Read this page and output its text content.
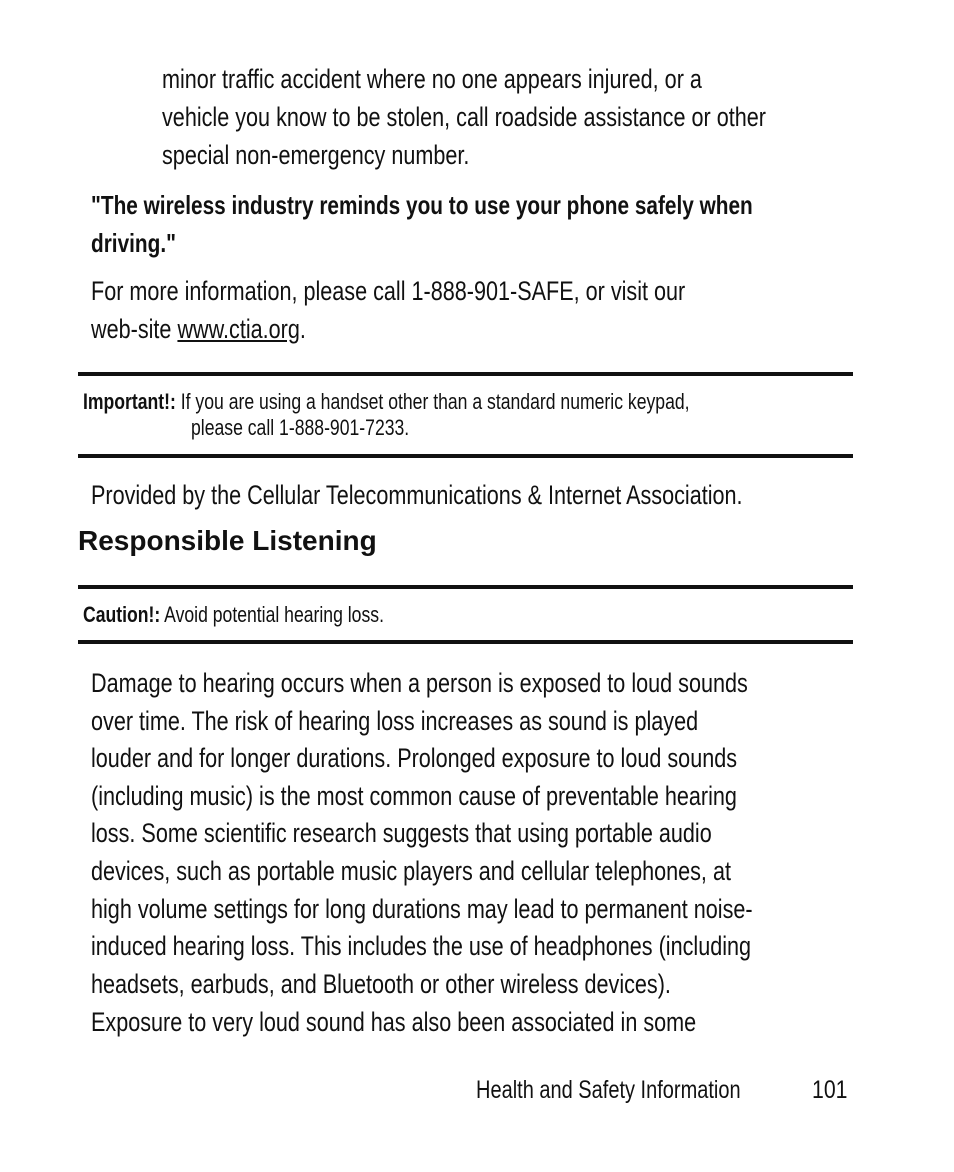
minor traffic accident where no one appears injured, or a
vehicle you know to be stolen, call roadside assistance or other
special non-emergency number.
"The wireless industry reminds you to use your phone safely when
driving."
For more information, please call 1-888-901-SAFE, or visit our
web-site www.ctia.org.
Important!: If you are using a handset other than a standard numeric keypad,
please call 1-888-901-7233.
Provided by the Cellular Telecommunications & Internet Association.
Responsible Listening
Caution!: Avoid potential hearing loss.
Damage to hearing occurs when a person is exposed to loud sounds
over time. The risk of hearing loss increases as sound is played
louder and for longer durations. Prolonged exposure to loud sounds
(including music) is the most common cause of preventable hearing
loss. Some scientific research suggests that using portable audio
devices, such as portable music players and cellular telephones, at
high volume settings for long durations may lead to permanent noise-
induced hearing loss. This includes the use of headphones (including
headsets, earbuds, and Bluetooth or other wireless devices).
Exposure to very loud sound has also been associated in some
Health and Safety Information	101
